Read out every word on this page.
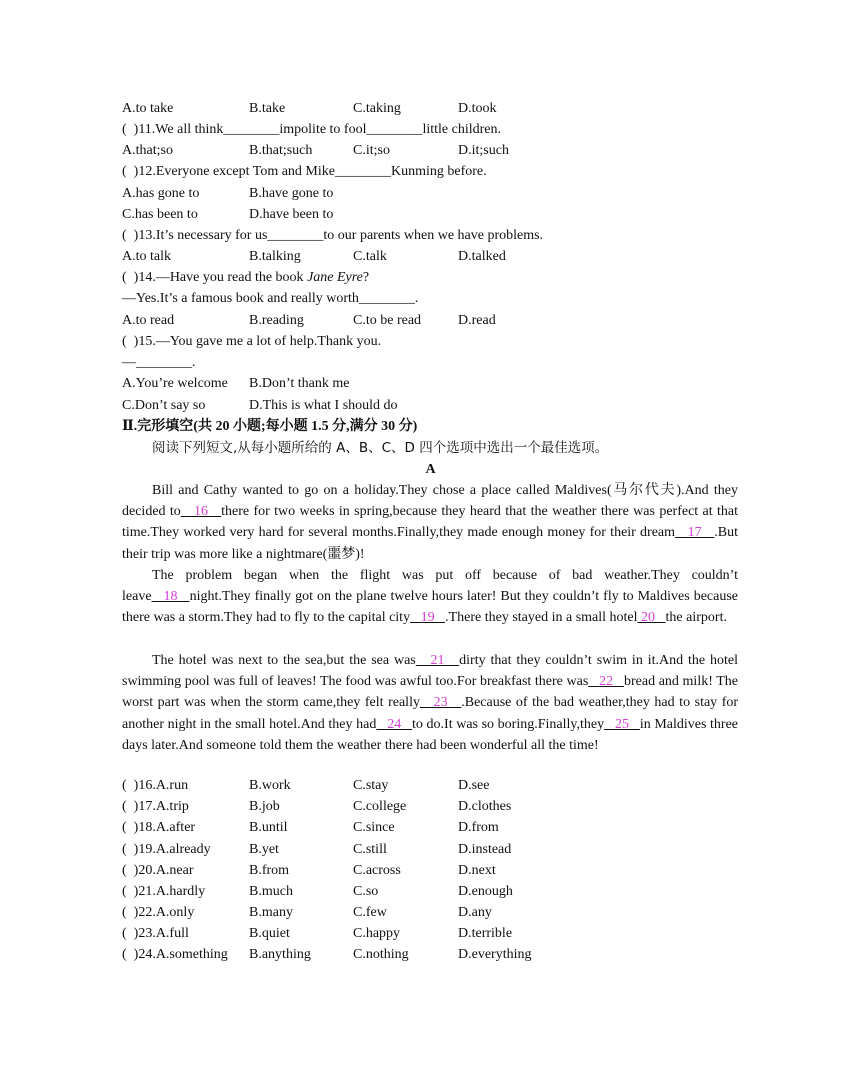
A.to take	B.take	C.taking	D.took
(  )11.We all think________impolite to fool________little children.
A.that;so	B.that;such	C.it;so	D.it;such
(  )12.Everyone except Tom and Mike________Kunming before.
A.has gone to	B.have gone to
C.has been to	D.have been to
(  )13.It’s necessary for us________to our parents when we have problems.
A.to talk	B.talking	C.talk	D.talked
(  )14.—Have you read the book Jane Eyre?
—Yes.It’s a famous book and really worth________.
A.to read	B.reading	C.to be read	D.read
(  )15.—You gave me a lot of help.Thank you.
—________.
A.You’re welcome B.Don’t thank me
C.Don’t say so	D.This is what I should do
Ⅱ.完形填空(共 20 小题;每小题 1.5 分,满分 30 分)
阅读下列短文,从每小题所给的 A、B、C、D 四个选项中选出一个最佳选项。
A
Bill and Cathy wanted to go on a holiday.They chose a place called Maldives(马尔代夫).And they decided to 16 there for two weeks in spring,because they heard that the weather there was perfect at that time.They worked very hard for several months.Finally,they made enough money for their dream 17 .But their trip was more like a nightmare(噩梦)!
The problem began when the flight was put off because of bad weather.They couldn’t leave 18 night.They finally got on the plane twelve hours later! But they couldn’t fly to Maldives because there was a storm.They had to fly to the capital city 19 .There they stayed in a small hotel 20 the airport.
The hotel was next to the sea,but the sea was 21 dirty that they couldn’t swim in it.And the hotel swimming pool was full of leaves! The food was awful too.For breakfast there was 22 bread and milk! The worst part was when the storm came,they felt really 23 .Because of the bad weather,they had to stay for another night in the small hotel.And they had 24 to do.It was so boring.Finally,they 25 in Maldives three days later.And someone told them the weather there had been wonderful all the time!
(  )16.A.run	B.work	C.stay	D.see
(  )17.A.trip	B.job	C.college	D.clothes
(  )18.A.after	B.until	C.since	D.from
(  )19.A.already	B.yet	C.still	D.instead
(  )20.A.near	B.from	C.across	D.next
(  )21.A.hardly	B.much	C.so	D.enough
(  )22.A.only	B.many	C.few	D.any
(  )23.A.full	B.quiet	C.happy	D.terrible
(  )24.A.something B.anything	C.nothing	D.everything
